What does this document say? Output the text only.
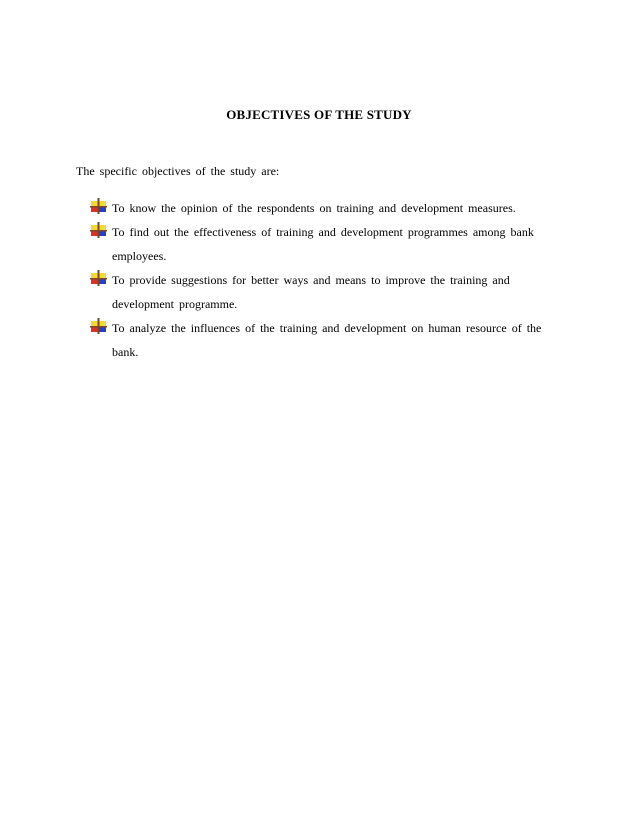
OBJECTIVES OF THE STUDY
The specific objectives of the study are:
To know the opinion of the respondents on training and development measures.
To find out the effectiveness of training and development programmes among bank employees.
To provide suggestions for better ways and means to improve the training and development programme.
To analyze the influences of the training and development on human resource of the bank.
